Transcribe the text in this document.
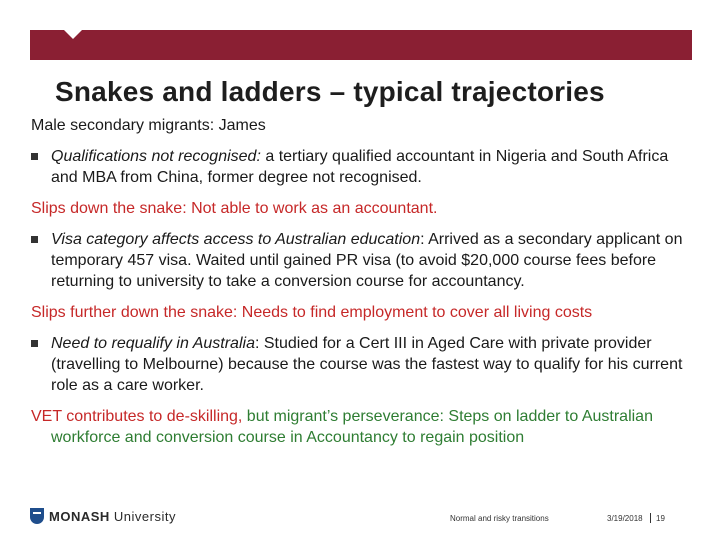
Snakes and ladders – typical trajectories

Male secondary migrants: James

Qualifications not recognised: a tertiary qualified accountant in Nigeria and South Africa and MBA from China, former degree not recognised.

Slips down the snake: Not able to work as an accountant.

Visa category affects access to Australian education: Arrived as a secondary applicant on temporary 457 visa. Waited until gained PR visa (to avoid $20,000 course fees before returning to university to take a conversion course for accountancy.

Slips further down the snake: Needs to find employment to cover all living costs

Need to requalify in Australia: Studied for a Cert III in Aged Care with private provider (travelling to Melbourne) because the course was the fastest way to qualify for his current role as a care worker.

VET contributes to de-skilling, but migrant’s perseverance: Steps on ladder to Australian workforce and conversion course in Accountancy to regain position

MONASH University	Normal and risky transitions	3/19/2018 19
